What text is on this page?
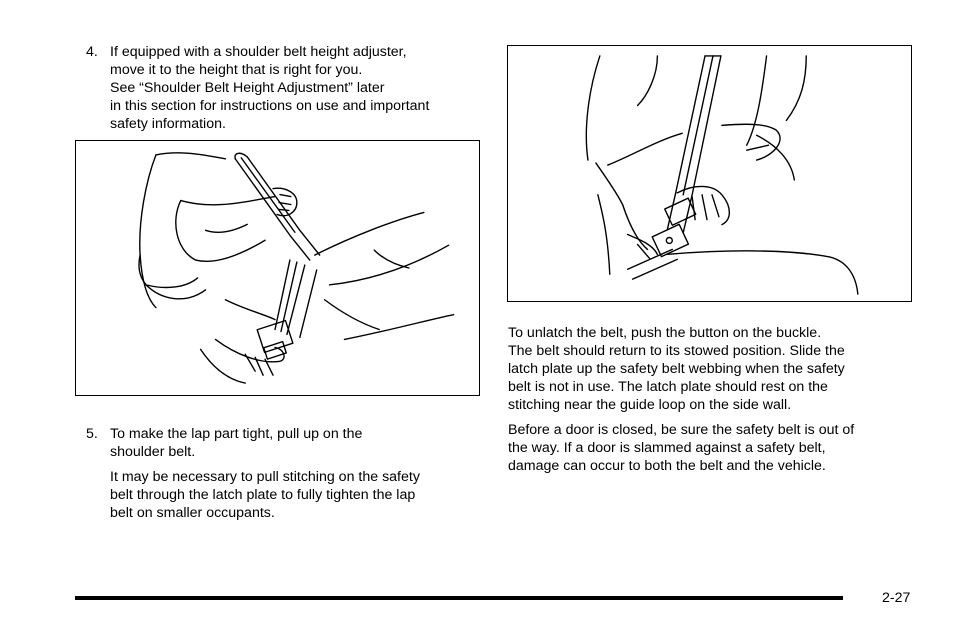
4. If equipped with a shoulder belt height adjuster,

move it to the height that is right for you.

See “Shoulder Belt Height Adjustment” later

in this section for instructions on use and important

safety information.

5. To make the lap part tight, pull up on the

shoulder belt.

It may be necessary to pull stitching on the safety

belt through the latch plate to fully tighten the lap

belt on smaller occupants.

To unlatch the belt, push the button on the buckle.

The belt should return to its stowed position. Slide the

latch plate up the safety belt webbing when the safety

belt is not in use. The latch plate should rest on the

stitching near the guide loop on the side wall.

Before a door is closed, be sure the safety belt is out of

the way. If a door is slammed against a safety belt,

damage can occur to both the belt and the vehicle.

2-27
